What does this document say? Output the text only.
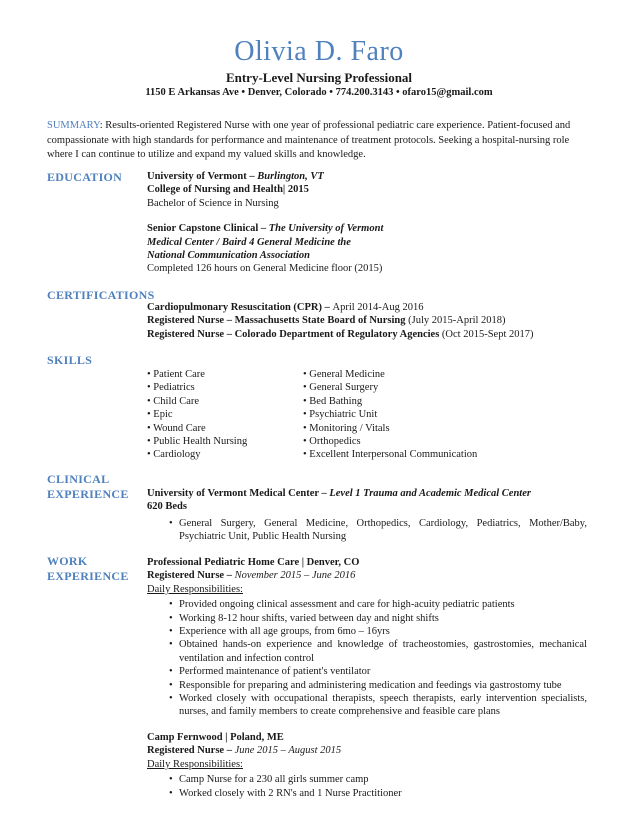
Olivia D. Faro
Entry-Level Nursing Professional
1150 E Arkansas Ave • Denver, Colorado • 774.200.3143 • ofaro15@gmail.com
SUMMARY: Results-oriented Registered Nurse with one year of professional pediatric care experience. Patient-focused and compassionate with high standards for performance and maintenance of treatment protocols. Seeking a hospital-nursing role where I can continue to utilize and expand my valued skills and knowledge.
EDUCATION University of Vermont – Burlington, VT
College of Nursing and Health| 2015
Bachelor of Science in Nursing
Senior Capstone Clinical – The University of Vermont Medical Center / Baird 4 General Medicine the National Communication Association
Completed 126 hours on General Medicine floor (2015)
CERTIFICATIONS
Cardiopulmonary Resuscitation (CPR) – April 2014-Aug 2016
Registered Nurse – Massachusetts State Board of Nursing (July 2015-April 2018)
Registered Nurse – Colorado Department of Regulatory Agencies (Oct 2015-Sept 2017)
SKILLS
• Patient Care
• Pediatrics
• Child Care
• Epic
• Wound Care
• Public Health Nursing
• Cardiology
• General Medicine
• General Surgery
• Bed Bathing
• Psychiatric Unit
• Monitoring / Vitals
• Orthopedics
• Excellent Interpersonal Communication
CLINICAL
EXPERIENCE University of Vermont Medical Center – Level 1 Trauma and Academic Medical Center
620 Beds
• General Surgery, General Medicine, Orthopedics, Cardiology, Pediatrics, Mother/Baby, Psychiatric Unit, Public Health Nursing
WORK
EXPERIENCE
Professional Pediatric Home Care | Denver, CO
Registered Nurse – November 2015 – June 2016
Daily Responsibilities:
• Provided ongoing clinical assessment and care for high-acuity pediatric patients
• Working 8-12 hour shifts, varied between day and night shifts
• Experience with all age groups, from 6mo – 16yrs
• Obtained hands-on experience and knowledge of tracheostomies, gastrostomies, mechanical ventilation and infection control
• Performed maintenance of patient's ventilator
• Responsible for preparing and administering medication and feedings via gastrostomy tube
• Worked closely with occupational therapists, speech therapists, early intervention specialists, nurses, and family members to create comprehensive and feasible care plans
Camp Fernwood | Poland, ME
Registered Nurse – June 2015 – August 2015
Daily Responsibilities:
• Camp Nurse for a 230 all girls summer camp
• Worked closely with 2 RN's and 1 Nurse Practitioner
